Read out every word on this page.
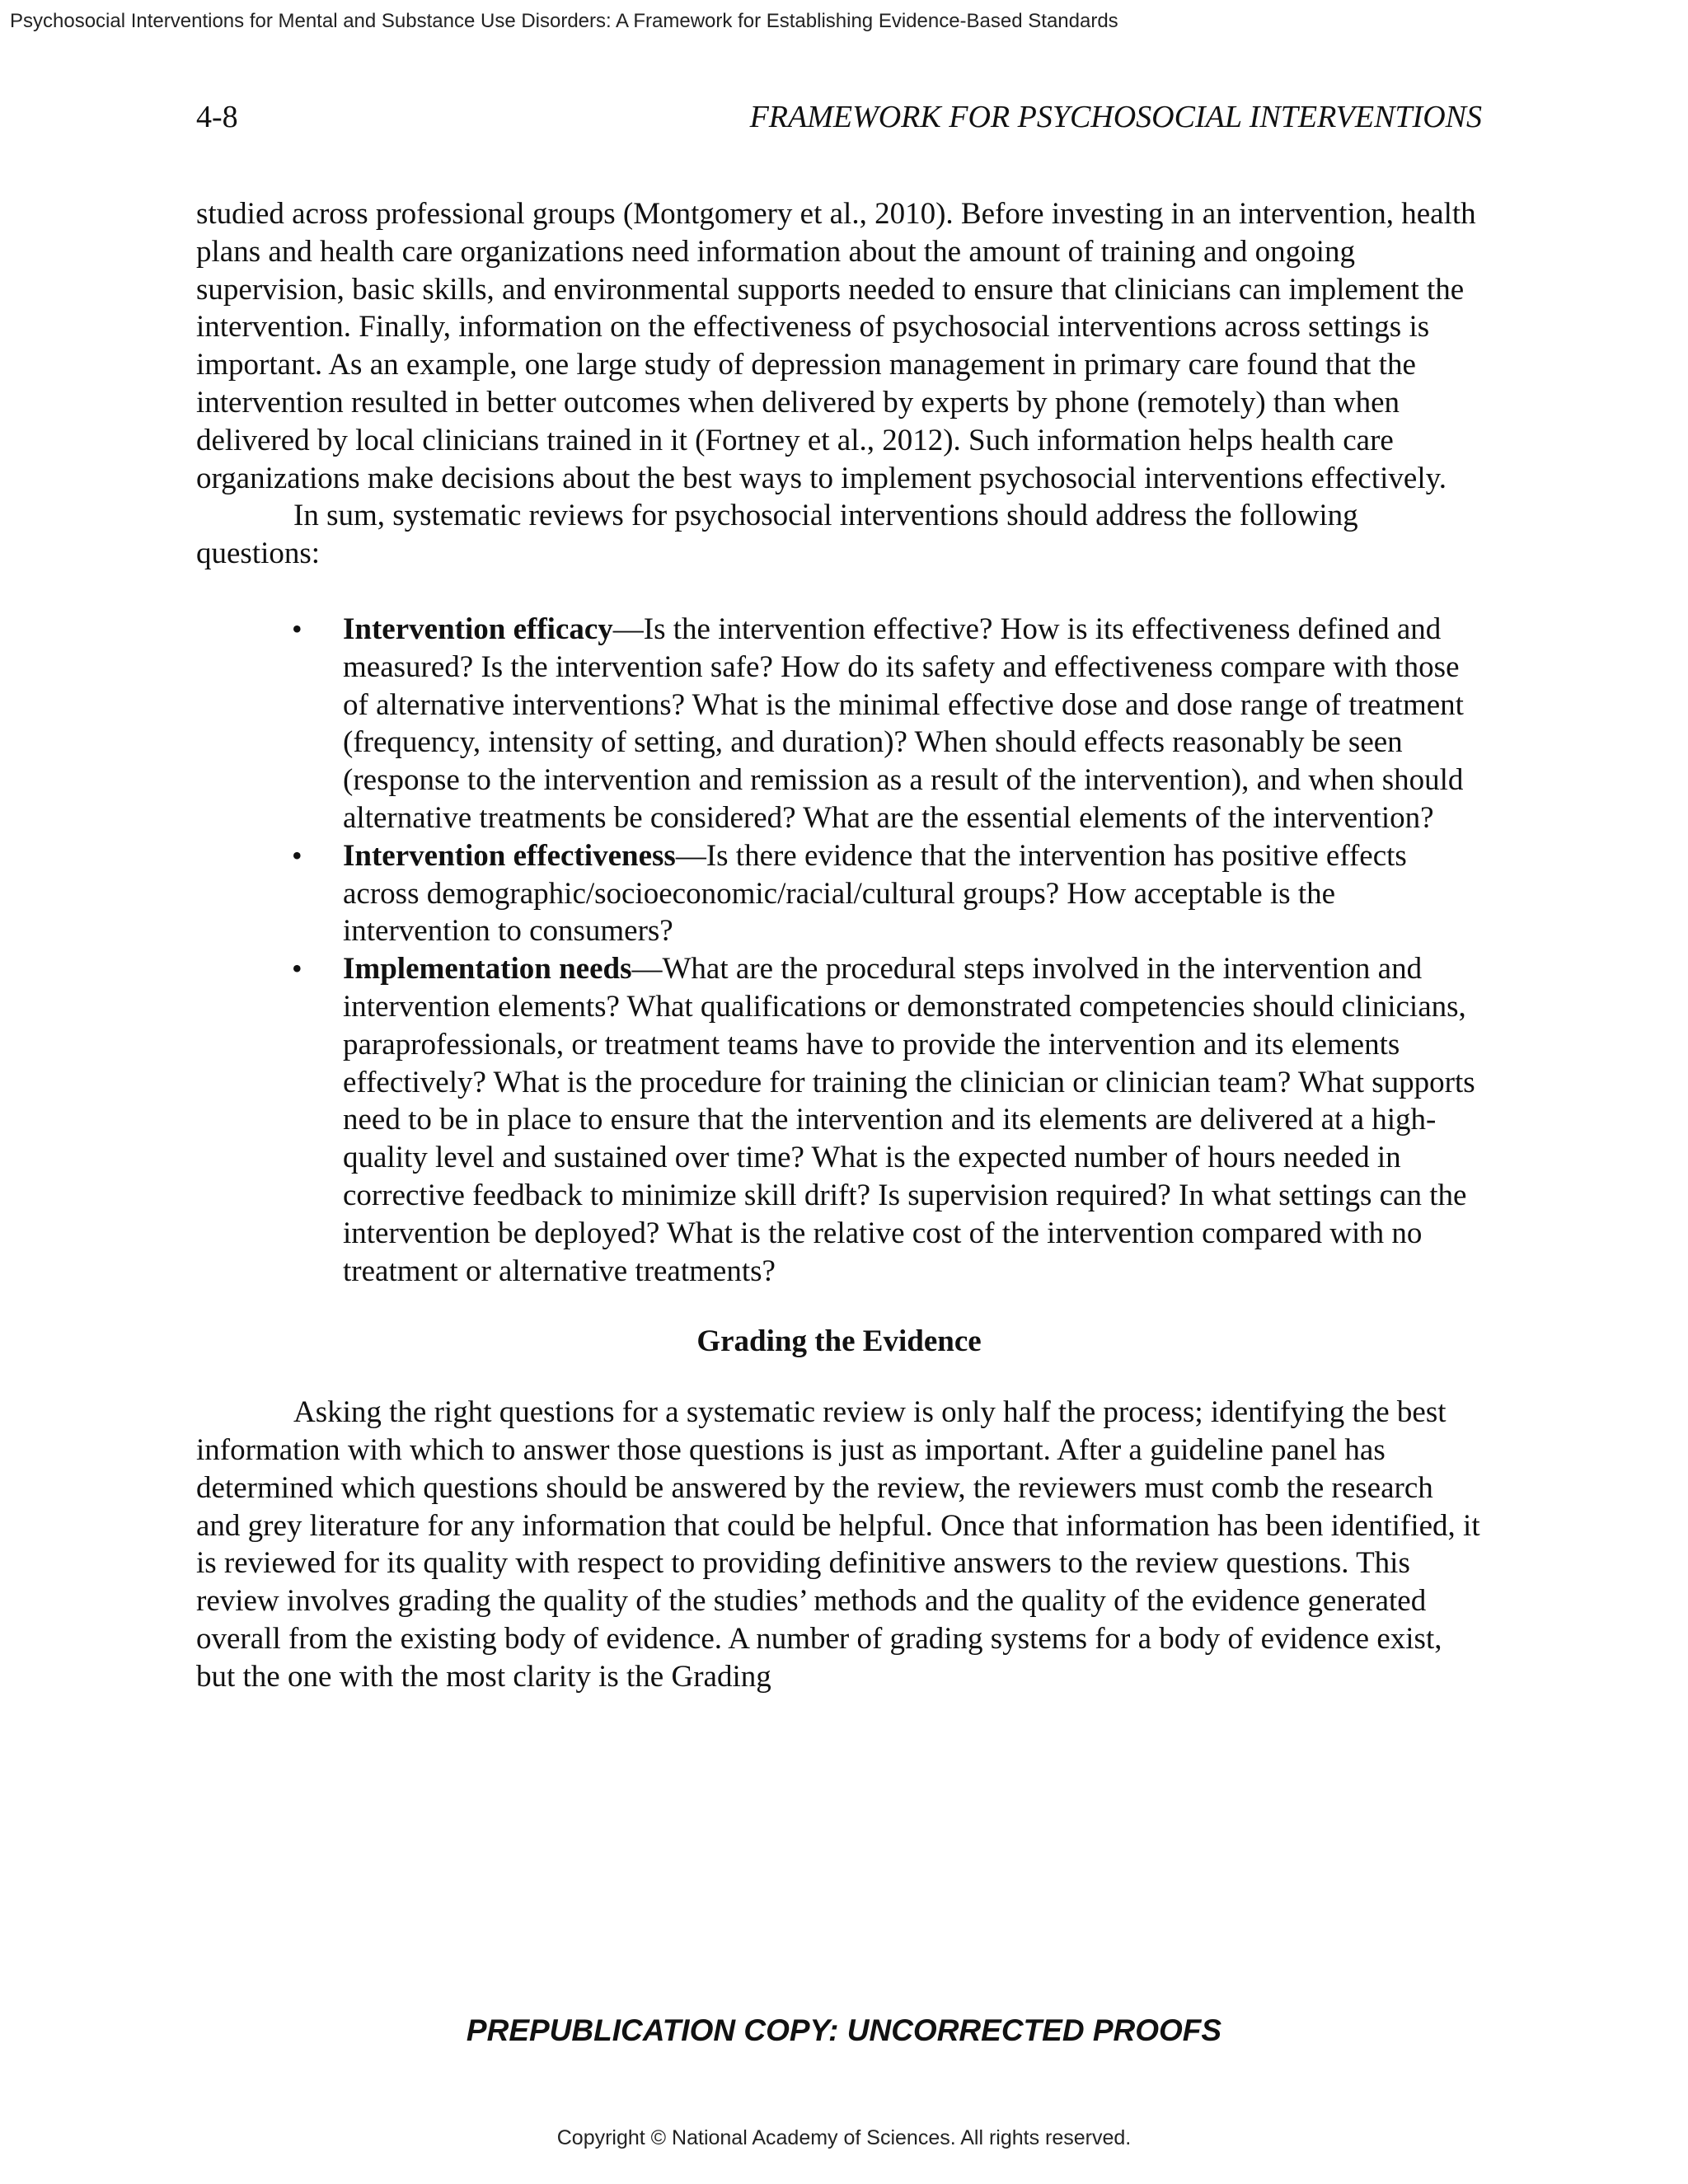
Psychosocial Interventions for Mental and Substance Use Disorders: A Framework for Establishing Evidence-Based Standards
4-8	FRAMEWORK FOR PSYCHOSOCIAL INTERVENTIONS

studied across professional groups (Montgomery et al., 2010). Before investing in an intervention, health plans and health care organizations need information about the amount of training and ongoing supervision, basic skills, and environmental supports needed to ensure that clinicians can implement the intervention. Finally, information on the effectiveness of psychosocial interventions across settings is important. As an example, one large study of depression management in primary care found that the intervention resulted in better outcomes when delivered by experts by phone (remotely) than when delivered by local clinicians trained in it (Fortney et al., 2012). Such information helps health care organizations make decisions about the best ways to implement psychosocial interventions effectively.

In sum, systematic reviews for psychosocial interventions should address the following questions:

• Intervention efficacy—Is the intervention effective? How is its effectiveness defined and measured? Is the intervention safe? How do its safety and effectiveness compare with those of alternative interventions? What is the minimal effective dose and dose range of treatment (frequency, intensity of setting, and duration)? When should effects reasonably be seen (response to the intervention and remission as a result of the intervention), and when should alternative treatments be considered? What are the essential elements of the intervention?
• Intervention effectiveness—Is there evidence that the intervention has positive effects across demographic/socioeconomic/racial/cultural groups? How acceptable is the intervention to consumers?
• Implementation needs—What are the procedural steps involved in the intervention and intervention elements? What qualifications or demonstrated competencies should clinicians, paraprofessionals, or treatment teams have to provide the intervention and its elements effectively? What is the procedure for training the clinician or clinician team? What supports need to be in place to ensure that the intervention and its elements are delivered at a high-quality level and sustained over time? What is the expected number of hours needed in corrective feedback to minimize skill drift? Is supervision required? In what settings can the intervention be deployed? What is the relative cost of the intervention compared with no treatment or alternative treatments?
Grading the Evidence

Asking the right questions for a systematic review is only half the process; identifying the best information with which to answer those questions is just as important. After a guideline panel has determined which questions should be answered by the review, the reviewers must comb the research and grey literature for any information that could be helpful. Once that information has been identified, it is reviewed for its quality with respect to providing definitive answers to the review questions. This review involves grading the quality of the studies’ methods and the quality of the evidence generated overall from the existing body of evidence. A number of grading systems for a body of evidence exist, but the one with the most clarity is the Grading

PREPUBLICATION COPY: UNCORRECTED PROOFS
Copyright © National Academy of Sciences. All rights reserved.
